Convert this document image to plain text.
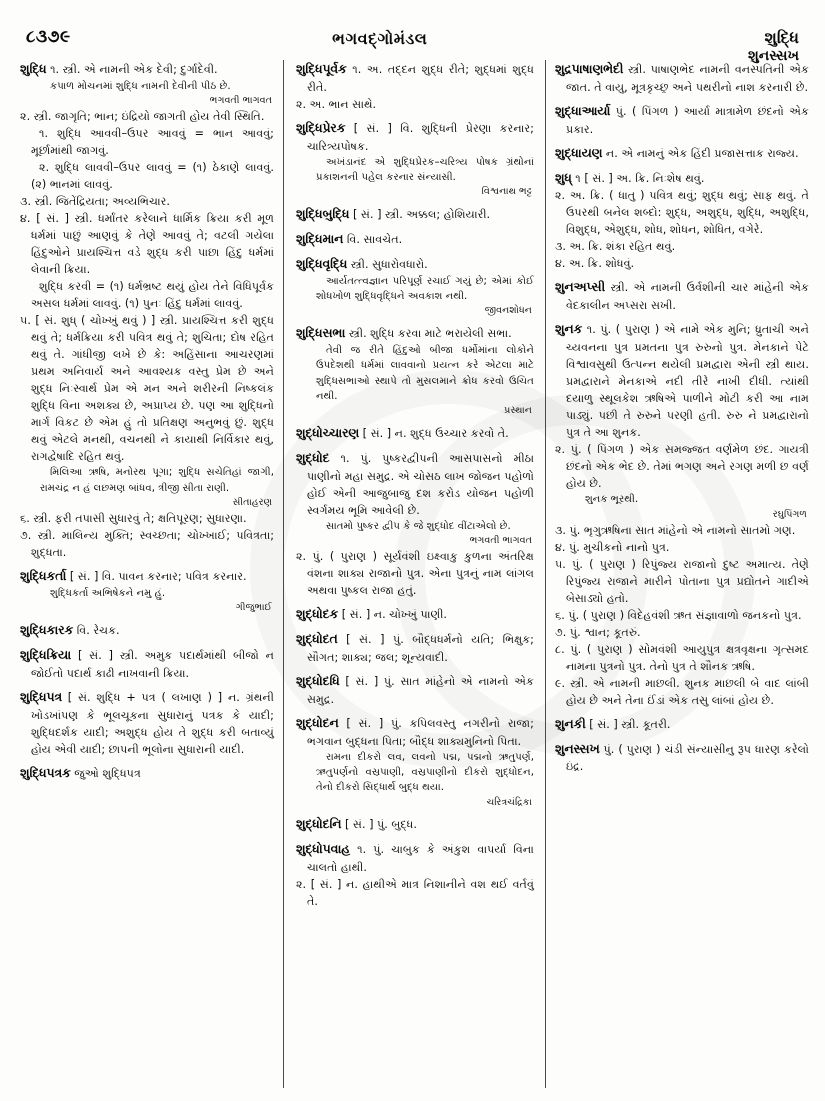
૮૩૭૯	ભગવદ્ગોમંડલ	શુદ્ધિ
શુનસ્સખ

શુદ્ધિ ૧. સ્ત્રી. એ નામની એક દેવી; દુર્ગાદેવી.

કપાળ મોચનમાં શુદ્ધિ નામની દેવીની પીઠ છે.

ભગવતી ભાગવત

૨. સ્ત્રી. જાગૃતિ; ભાન; ઇંદ્રિયો જાગતી હોય તેવી સ્થિતિ.

૧. શુદ્ધિ આવવી–ઉપર આવવું = ભાન આવવું; મૂર્છામાંથી જાગવું.

૨. શુદ્ધિ લાવવી–ઉપર લાવવું = (૧) ઠેકાણે લાવવું. (૨) ભાનમાં લાવવું.

૩. સ્ત્રી. જિતેંદ્રિયતા; અવ્યભિચાર.

૪. [ સં. ] સ્ત્રી. ધર્માંતર કરેલાને ધાર્મિક ક્રિયા કરી મૂળ ધર્મમાં પાછું આણવું કે તેણે આવવું તે; વટલી ગયેલા હિંદુઓને પ્રાયશ્ચિત્ત વડે શુદ્ધ કરી પાછા હિંદુ ધર્મમાં લેવાની ક્રિયા.

શુદ્ધિ કરવી = (૧) ધર્મભ્રષ્ટ થયું હોય તેને વિધિપૂર્વક અસલ ધર્મમાં લાવવું. (૧) પુનઃ હિંદુ ધર્મમાં લાવવું.

૫. [ સં. શુધ્ ( ચોખ્ખું થવું ) ] સ્ત્રી. પ્રાયશ્ચિત્ત કરી શુદ્ધ થવું તે; ધર્મક્રિયા કરી પવિત્ર થવું તે; શુચિતા; દોષ રહિત થવું તે. ગાંધીજી લખે છે કે: અહિંસાના આચરણમાં પ્રથમ અનિવાર્ય અને આવશ્યક વસ્તુ પ્રેમ છે અને શુદ્ધ નિઃસ્વાર્થ પ્રેમ એ મન અને શરીરની નિષ્કલંક શુદ્ધિ વિના અશક્ય છે, અપ્રાપ્ય છે. પણ આ શુદ્ધિનો માર્ગ વિકટ છે એમ હું તો પ્રતિક્ષણ અનુભવું છું. શુદ્ધ થવું એટલે મનથી, વચનથી ને કાયાથી નિર્વિકાર થવું, રાગદ્વેષાદિ રહિત થવું.

મિલિઆ ઋષિ, મનોરથ પૂગા; શુદ્ધિ સચેતિહાં જાગી, રામચંદ્ર ન હં લછમણ બાંધવ, ત્રીજી સીતા રાણી.

સીતાહરણ

૬. સ્ત્રી. ફરી તપાસી સુધારવું તે; ક્ષતિપૂરણ; સુધારણા.

૭. સ્ત્રી. માલિન્ય મુક્તિ; સ્વચ્છતા; ચોખ્ખાઈ; પવિત્રતા; શુદ્ધતા.

શુદ્ધિકર્તા [ સં. ] વિ. પાવન કરનાર; પવિત્ર કરનાર.

શુદ્ધિકર્તા અભિષેકને નમુ હું.

ગીજુભાઈ

શુદ્ધિકારક વિ. રેચક.

શુદ્ધિક્રિયા [ સં. ] સ્ત્રી. અમુક પદાર્થમાંથી બીજો ન જોઈતો પદાર્થ કાઢી નાખવાની ક્રિયા.

શુદ્ધિપત્ર [ સં. શુદ્ધિ + પત્ર ( લખાણ ) ] ન. ગ્રંથની ખોડખાંપણ કે ભૂલચૂકના સુધારાનું પત્રક કે યાદી; શુદ્ધિદર્શક યાદી; અશુદ્ધ હોય તે શુદ્ધ કરી બતાવ્યું હોય એવી યાદી; છાપની ભૂલોના સુધારાની યાદી.

શુદ્ધિપત્રક જુઓ શુદ્ધિપત્ર

શુદ્ધિપૂર્વક ૧. અ. તદ્દન શુદ્ધ રીતે; શુદ્ધમાં શુદ્ધ રીતે.

૨. અ. ભાન સાથે.

શુદ્ધિપ્રેરક [ સં. ] વિ. શુદ્ધિની પ્રેરણા કરનાર; ચારિત્ર્યપોષક.

અખંડાનંદ એ શુદ્ધિપ્રેરક–ચરિત્ર્ય પોષક ગ્રંથોનાં પ્રકાશનની પહેલ કરનાર સંન્યાસી.

વિશ્વનાથ ભટ્ટ

શુદ્ધિબુદ્ધિ [ સં. ] સ્ત્રી. અક્કલ; હોશિયારી.

શુદ્ધિમાન વિ. સાવચેત.

શુદ્ધિવૃદ્ધિ સ્ત્રી. સુધારોવધારો.

આર્યતત્ત્વજ્ઞાન પરિપૂર્ણ રચાઈ ગયું છે; એમાં કોઈ શોધખોળ શુદ્ધિવૃદ્ધિને અવકાશ નથી.

જીવનશોધન

શુદ્ધિસભા સ્ત્રી. શુદ્ધિ કરવા માટે ભરાયેલી સભા.

તેવી જ રીતે હિંદુઓ બીજા ધર્મોમાંના લોકોને ઉપદેશથી ધર્મમાં લાવવાનો પ્રયત્ન કરે એટલા માટે શુદ્ધિસભાઓ સ્થાપે તો મુસલમાને ક્રોધ કરવો ઉચિત નથી.

પ્રસ્થાન

શુદ્ધોચ્ચારણ [ સં. ] ન. શુદ્ધ ઉચ્ચાર કરવો તે.

શુદ્ધોદ ૧. પું. પુષ્કરદ્વીપની આસપાસનો મીઠા પાણીનો મહા સમુદ્ર. એ ચોસઠ લાખ જોજન પહોળો હોઈ એની આજુબાજુ દશ કરોડ યોજન પહોળી સ્વર્ગમય ભૂમિ આવેલી છે.

સાતમો પુષ્કર દ્વીપ કે જે શુદ્ધોદ વીંટાએલો છે.

ભગવતી ભાગવત

૨. પું. ( પુરાણ ) સૂર્યવંશી ઇક્ષ્વાકુ કુળના અંતરિક્ષ વંશના શાક્ય રાજાનો પુત્ર. એના પુત્રનું નામ લાંગલ અથવા પુષ્કલ રાજા હતું.

શુદ્ધોદક [ સં. ] ન. ચોખ્ખું પાણી.

શુદ્ધોદત [ સં. ] પું. બૌદ્ધધર્મનો યતિ; ભિક્ષુક; સૌગત; શાક્ય; જલ; શૂન્યવાદી.

શુદ્ધોદધિ [ સં. ] પું. સાત માંહેનો એ નામનો એક સમુદ્ર.

શુદ્ધોદન [ સં. ] પું. કપિલવસ્તુ નગરીનો રાજા; ભગવાન બુદ્ધના પિતા; બૌદ્ધ શાક્યમુનિનો પિતા.

રામના દીકરો લવ, લવનો પદ્મ, પદ્મનો ઋતુપર્ણ, ઋતુપર્ણનો વસ્રપાણી, વસ્રપાણીનો દીકરો શુદ્ધોદન, તેનો દીકરો સિદ્ધાર્થ બુદ્ધ થયા.

ચરિત્રચંદ્રિકા

શુદ્ધોદનિ [ સં. ] પું. બુદ્ધ.

શુદ્ધોપવાહ ૧. પું. ચાબુક કે અંકુશ વાપર્યા વિના ચાલતો હાથી.

૨. [ સં. ] ન. હાથીએ માત્ર નિશાનીને વશ થઈ વર્તવું તે.

શુદ્રપાષાણભેદી સ્ત્રી. પાષાણભેદ નામની વનસ્પતિની એક જાત. તે વાયુ, મૂત્રકૃચ્છ્ર અને પથરીનો નાશ કરનારી છે.

શુદ્ધાઆર્યા પું. ( પિંગળ ) આર્યા માત્રામેળ છંદનો એક પ્રકાર.

શુદ્ધાયણ ન. એ નામનું એક હિંદી પ્રજાસત્તાક રાજ્ય.

શુધ્ ૧ [ સં. ] અ. ક્રિ. નિઃશેષ થવું.

૨. અ. ક્રિ. ( ધાતુ ) પવિત્ર થવું; શુદ્ધ થવું; સાફ થવું. તે ઉપરથી બનેલ શબ્દો: શુદ્ધ, અશુદ્ધ, શુદ્ધિ, અશુદ્ધિ, વિશુદ્ધ, એશુદ્ધ, શોધ, શોધન, શોધિત, વગેરે.

૩. અ. ક્રિ. શંકા રહિત થવું.

૪. અ. ક્રિ. શોધવું.

શુનઅપ્સી સ્ત્રી. એ નામની ઉર્વશીની ચાર માંહેની એક વેદકાલીન અપ્સરા સખી.

શુનક ૧. પું. ( પુરાણ ) એ નામે એક મુનિ; ધ્રુતાચી અને ચ્યવનના પુત્ર પ્રમતના પુત્ર રુરુનો પુત્ર. મેનકાને પેટે વિશ્વાવસુથી ઉત્પન્ન થયેલી પ્રમદ્વારા એની સ્ત્રી થાય. પ્રમદ્વારાને મેનકાએ નદી તીરે નાખી દીધી. ત્યાંથી દયાળુ સ્થૂલકેશ ઋષિએ પાળીને મોટી કરી આ નામ પાડ્યું. પછી તે રુરુને પરણી હતી. રુરુ ને પ્રમદ્વારાનો પુત્ર તે આ શુનક.

૨. પું. ( પિંગળ ) એક સમજ્જત વર્ણમેળ છંદ. ગાયત્રી છંદનો એક ભેદ છે. તેમાં ભગણ અને રગણ મળી છ વર્ણ હોય છે.

શુનક ભૂરથી.

રઘુપિંગળ

૩. પું. ભૃગુઋષિના સાત માંહેનો એ નામનો સાતમો ગણ.

૪. પું. મુચીકનો નાનો પુત્ર.

૫. પું. ( પુરાણ ) રિપુંજ્ય રાજાનો દુષ્ટ અમાત્ય. તેણે રિપુંજ્ય રાજાને મારીને પોતાના પુત્ર પ્રદ્યોતને ગાદીએ બેસાડ્યો હતો.

૬. પું. ( પુરાણ ) વિદેહવંશી ઋત સંજ્ઞાવાળો જનકનો પુત્ર.

૭. પું. શ્વાન; કૂતરું.

૮. પું. ( પુરાણ ) સોમવંશી આયુપુત્ર ક્ષત્રવૃક્ષના ગૃત્સમદ નામના પુત્રનો પુત્ર. તેનો પુત્ર તે શૌનક ઋષિ.

૯. સ્ત્રી. એ નામની માછલી. શુનક માછલી બે વાદ લાંબી હોય છે અને તેના ઈંડાં એક તસુ લાંબાં હોય છે.

શુનકી [ સં. ] સ્ત્રી. કૂતરી.

શુનસ્સખ પું. ( પુરાણ ) ચંડી સંન્યાસીનુ રૂપ ધારણ કરેલો ઇંદ્ર.
